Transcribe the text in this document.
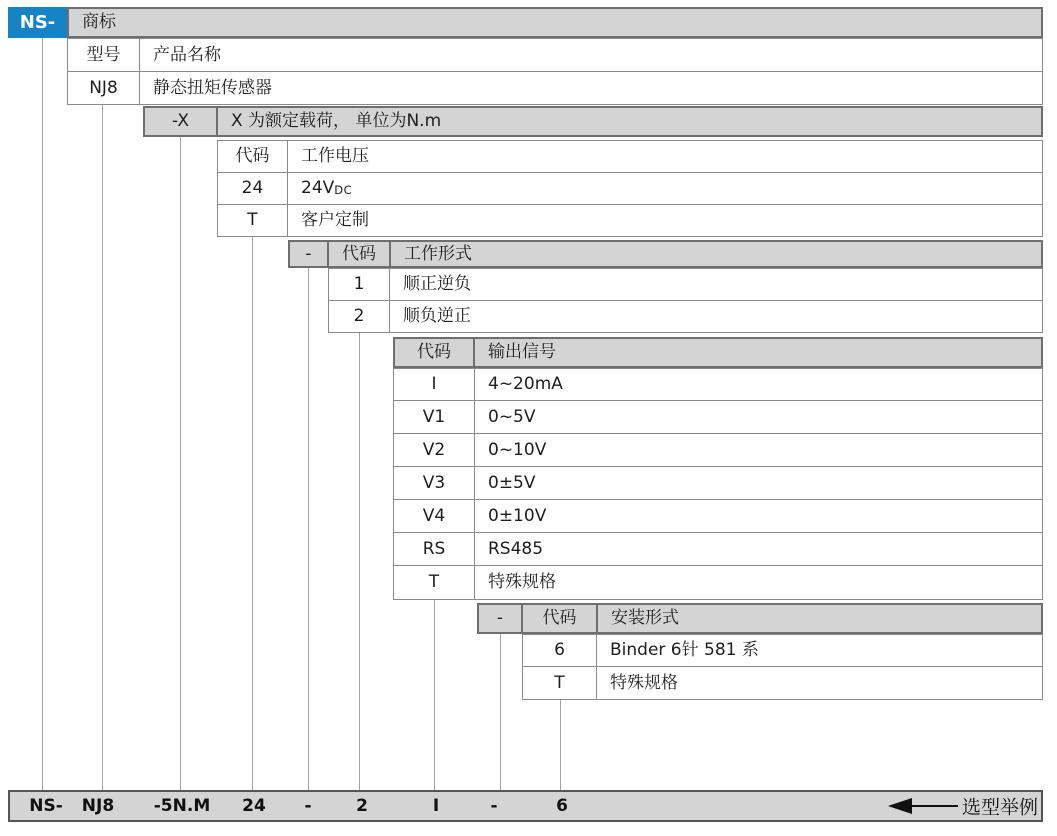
NS-	商标
型号	产品名称
NJ8	静态扭矩传感器
-X	X 为额定载荷， 单位为N.m
代码	工作电压
24	24V DC
T	客户定制
-	代码	工作形式
1	顺正逆负
2	顺负逆正
代码	输出信号
I	4~20mA
V1	0~5V
V2	0~10V
V3	0±5V
V4	0±10V
RS	RS485
T	特殊规格
-	代码	安装形式
6	Binder 6针 581 系
T	特殊规格
NS- NJ8 -5N.M 24 -	2	I	-	6	选型举例
